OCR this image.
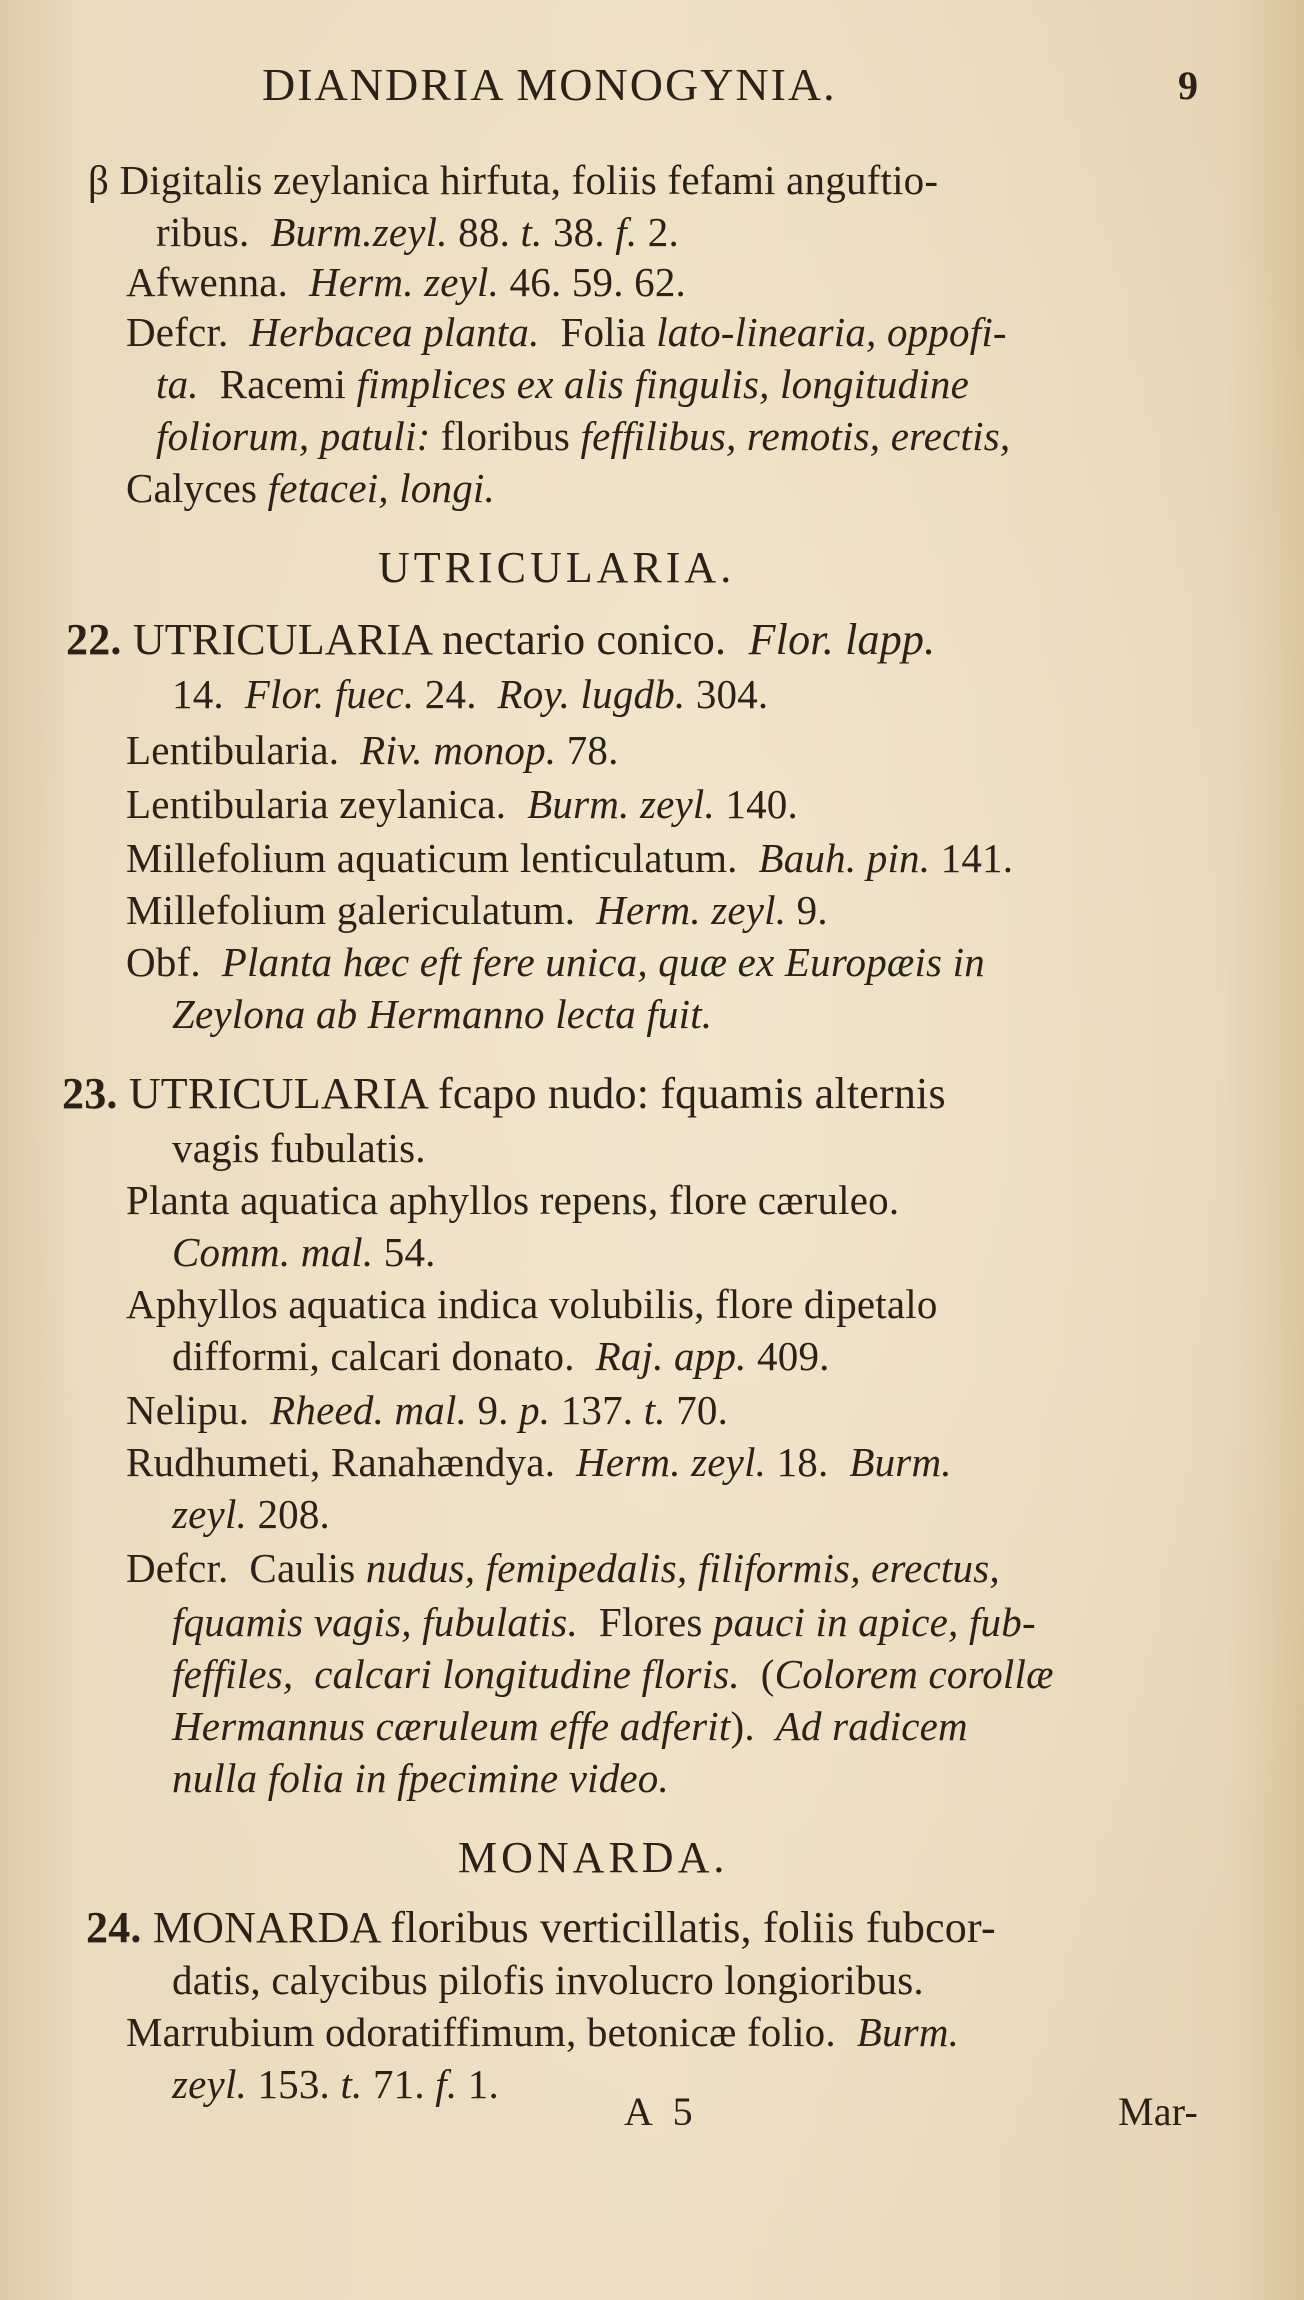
DIANDRIA MONOGYNIA.	9
β Digitalis zeylanica hirfuta, foliis fefami anguftio-
ribus.  Burm.zeyl. 88. t. 38. f. 2.
Afwenna.  Herm. zeyl. 46. 59. 62.
Defcr.  Herbacea planta.  Folia lato-linearia, oppofi-
ta.  Racemi fimplices ex alis fingulis, longitudine
foliorum, patuli: floribus feffilibus, remotis, erectis,
Calyces fetacei, longi.
UTRICULARIA.
22. UTRICULARIA nectario conico.  Flor. lapp.
14.  Flor. fuec. 24.  Roy. lugdb. 304.
Lentibularia.  Riv. monop. 78.
Lentibularia zeylanica.  Burm. zeyl. 140.
Millefolium aquaticum lenticulatum.  Bauh. pin. 141.
Millefolium galericulatum.  Herm. zeyl. 9.
Obf.  Planta hæc eft fere unica, quæ ex Europæis in
Zeylona ab Hermanno lecta fuit.
23. UTRICULARIA fcapo nudo: fquamis alternis
vagis fubulatis.
Planta aquatica aphyllos repens, flore cæruleo.
Comm. mal. 54.
Aphyllos aquatica indica volubilis, flore dipetalo
difformi, calcari donato.  Raj. app. 409.
Nelipu.  Rheed. mal. 9. p. 137. t. 70.
Rudhumeti, Ranahændya.  Herm. zeyl. 18.  Burm.
zeyl. 208.
Defcr.  Caulis nudus, femipedalis, filiformis, erectus,
fquamis vagis, fubulatis.  Flores pauci in apice, fub-
feffiles,  calcari longitudine floris.  (Colorem corollæ
Hermannus cæruleum effe adferit).  Ad radicem
nulla folia in fpecimine video.
MONARDA.
24. MONARDA floribus verticillatis, foliis fubcor-
datis, calycibus pilofis involucro longioribus.
Marrubium odoratiffimum, betonicæ folio.  Burm.
zeyl. 153. t. 71. f. 1.
A 5	Mar-
